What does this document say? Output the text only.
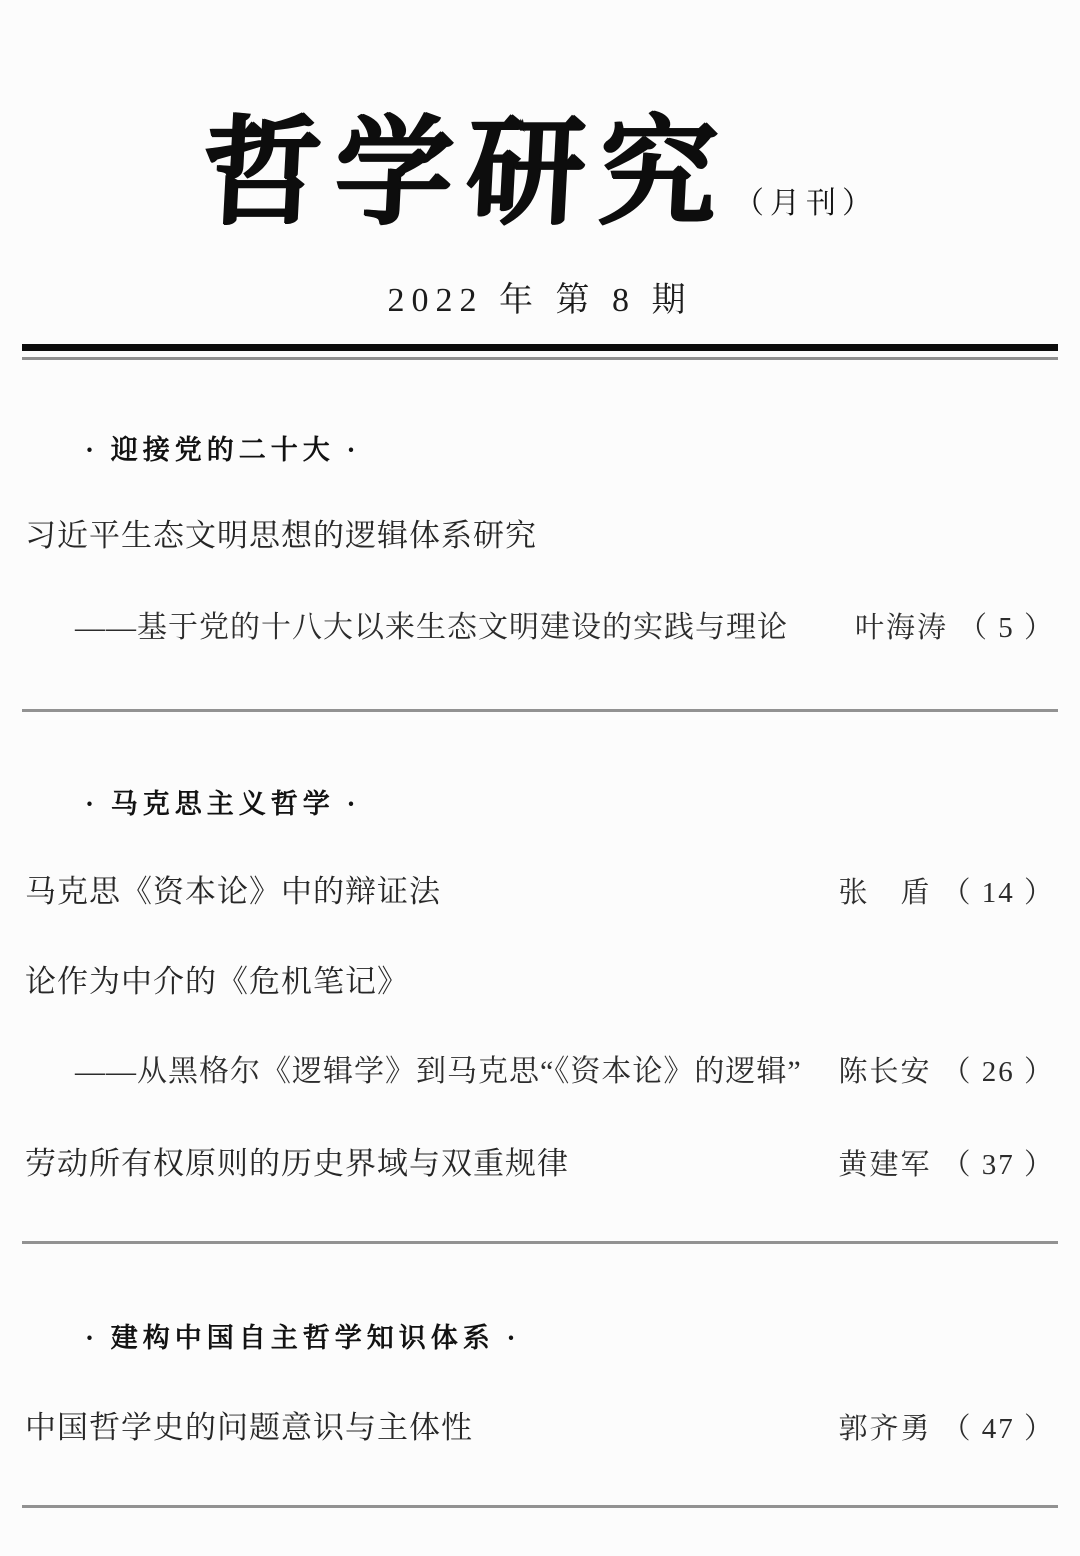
哲学研究 （月刊）
2022 年 第 8 期
· 迎接党的二十大 ·
习近平生态文明思想的逻辑体系研究
——基于党的十八大以来生态文明建设的实践与理论 叶海涛 （ 5 ）
· 马克思主义哲学 ·
马克思《资本论》中的辩证法	张　盾 （ 14 ）
论作为中介的《危机笔记》
——从黑格尔《逻辑学》到马克思“《资本论》的逻辑” 陈长安 （ 26 ）
劳动所有权原则的历史界域与双重规律	黄建军 （ 37 ）
· 建构中国自主哲学知识体系 ·
中国哲学史的问题意识与主体性	郭齐勇 （ 47 ）
